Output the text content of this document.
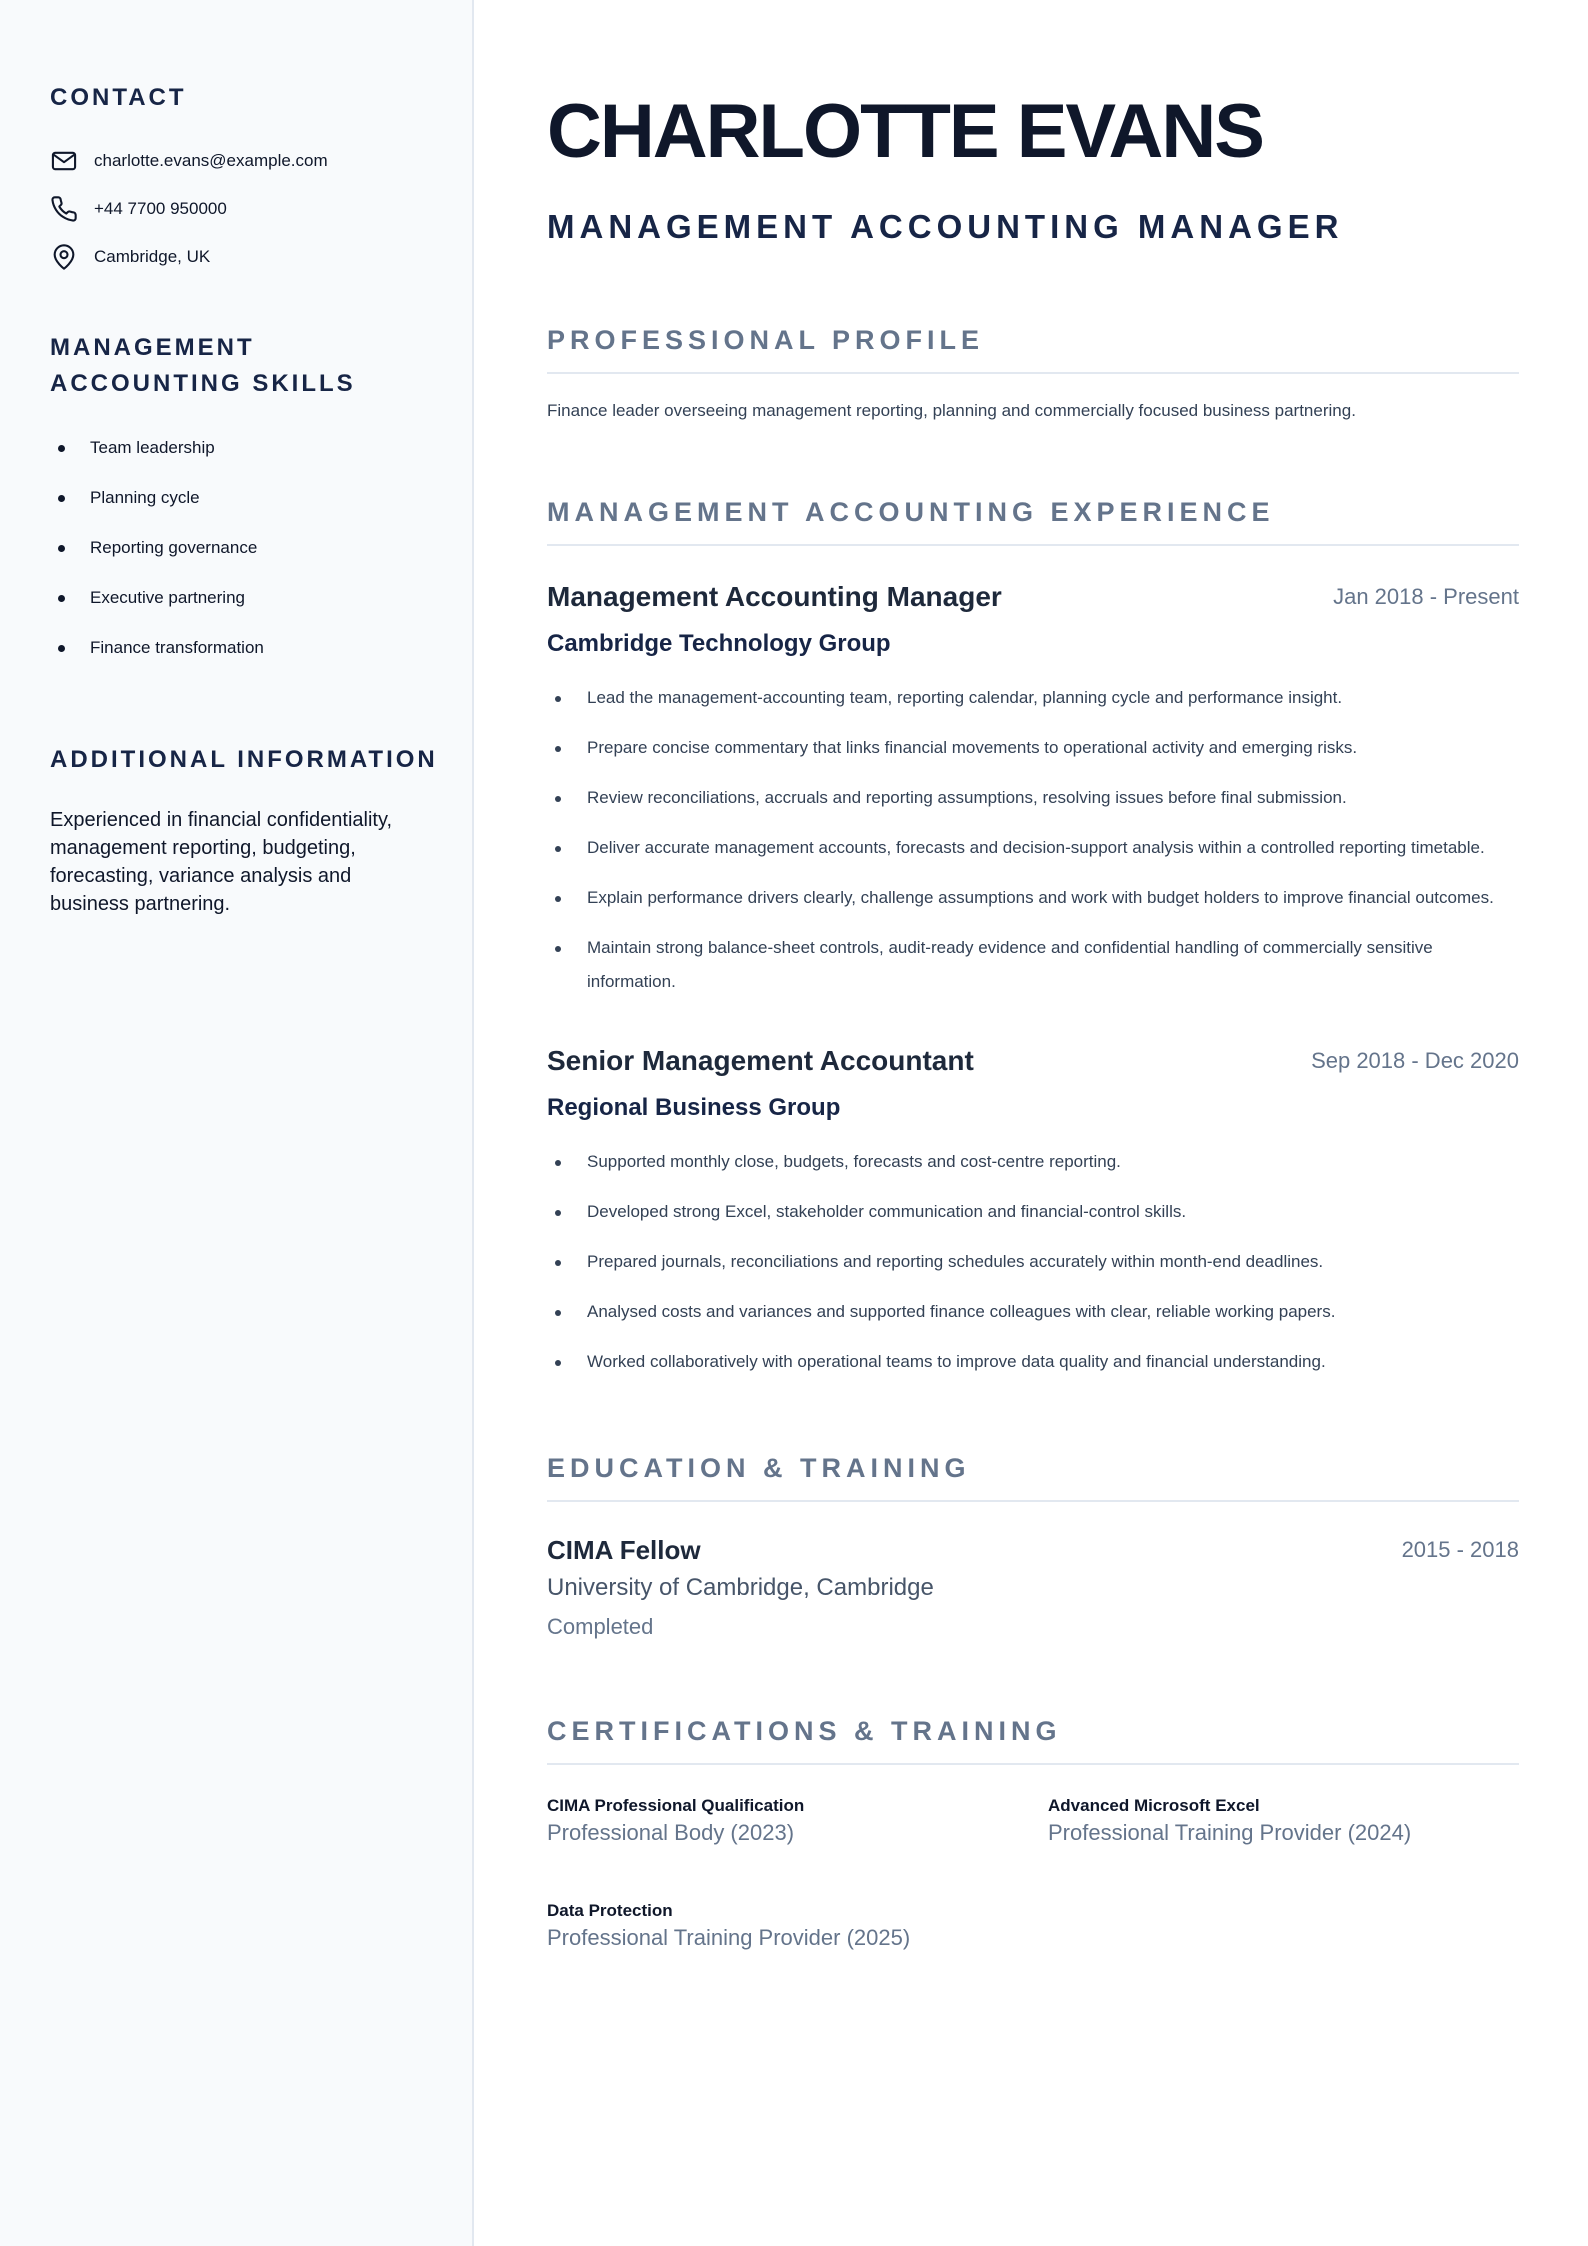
CONTACT
charlotte.evans@example.com
+44 7700 950000
Cambridge, UK
MANAGEMENT
ACCOUNTING SKILLS
Team leadership
Planning cycle
Reporting governance
Executive partnering
Finance transformation
ADDITIONAL INFORMATION

Experienced in financial confidentiality, management reporting, budgeting, forecasting, variance analysis and business partnering.

CHARLOTTE EVANS
MANAGEMENT ACCOUNTING MANAGER
PROFESSIONAL PROFILE

Finance leader overseeing management reporting, planning and commercially focused business partnering.

MANAGEMENT ACCOUNTING EXPERIENCE
Management Accounting Manager	Jan 2018 - Present
Cambridge Technology Group
Lead the management-accounting team, reporting calendar, planning cycle and performance insight.
Prepare concise commentary that links financial movements to operational activity and emerging risks.
Review reconciliations, accruals and reporting assumptions, resolving issues before final submission.
Deliver accurate management accounts, forecasts and decision-support analysis within a controlled reporting timetable.
Explain performance drivers clearly, challenge assumptions and work with budget holders to improve financial outcomes.
Maintain strong balance-sheet controls, audit-ready evidence and confidential handling of commercially sensitive information.
Senior Management Accountant	Sep 2018 - Dec 2020
Regional Business Group
Supported monthly close, budgets, forecasts and cost-centre reporting.
Developed strong Excel, stakeholder communication and financial-control skills.
Prepared journals, reconciliations and reporting schedules accurately within month-end deadlines.
Analysed costs and variances and supported finance colleagues with clear, reliable working papers.
Worked collaboratively with operational teams to improve data quality and financial understanding.
EDUCATION & TRAINING
CIMA Fellow	2015 - 2018
University of Cambridge, Cambridge
Completed
CERTIFICATIONS & TRAINING
CIMA Professional Qualification
Professional Body (2023)
Advanced Microsoft Excel
Professional Training Provider (2024)
Data Protection
Professional Training Provider (2025)
